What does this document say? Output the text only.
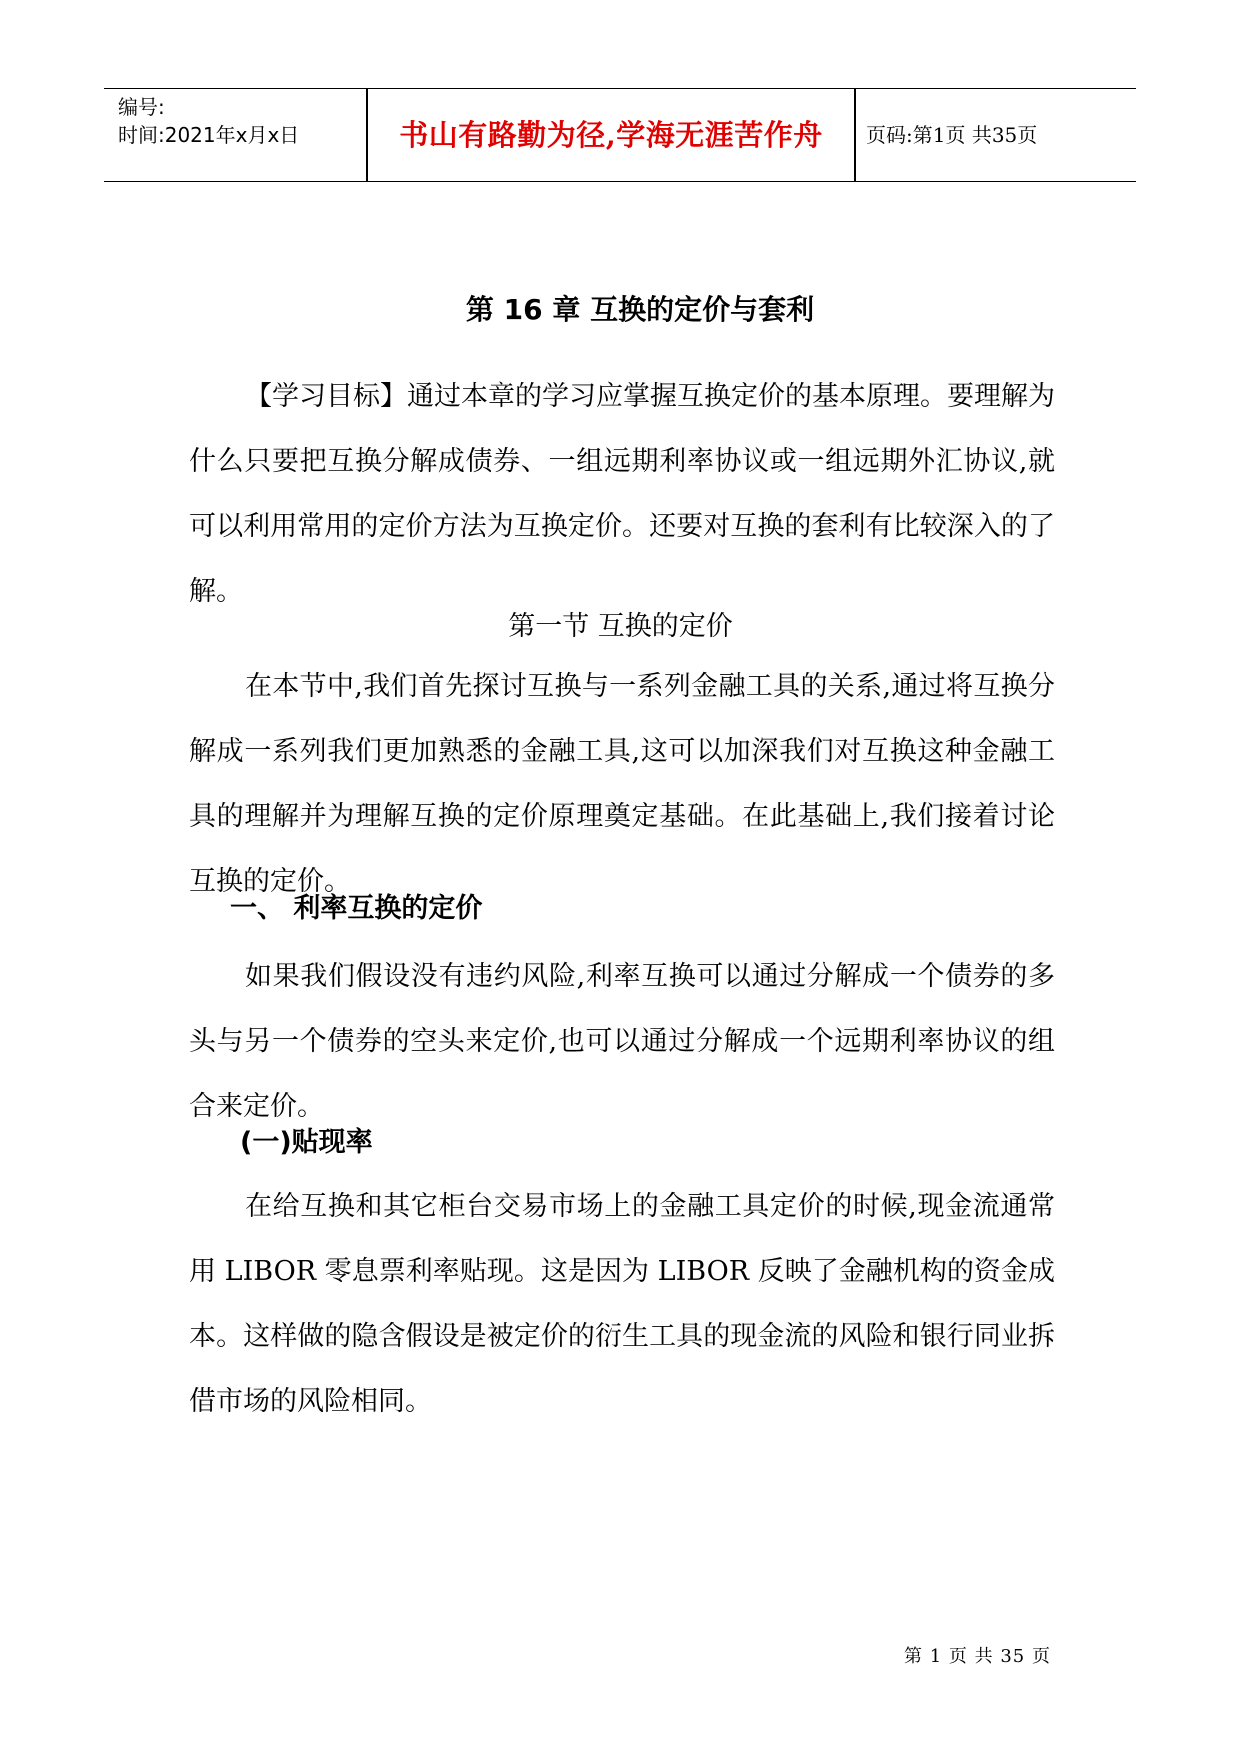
编号:
时间:2021年x月x日	书山有路勤为径,学海无涯苦作舟	页码:第1页 共35页
第 16 章 互换的定价与套利
【学习目标】通过本章的学习应掌握互换定价的基本原理。要理解为什么只要把互换分解成债券、一组远期利率协议或一组远期外汇协议,就可以利用常用的定价方法为互换定价。还要对互换的套利有比较深入的了解。
第一节 互换的定价
在本节中,我们首先探讨互换与一系列金融工具的关系,通过将互换分解成一系列我们更加熟悉的金融工具,这可以加深我们对互换这种金融工具的理解并为理解互换的定价原理奠定基础。在此基础上,我们接着讨论互换的定价。
一、 利率互换的定价
如果我们假设没有违约风险,利率互换可以通过分解成一个债券的多头与另一个债券的空头来定价,也可以通过分解成一个远期利率协议的组合来定价。
(一)贴现率
在给互换和其它柜台交易市场上的金融工具定价的时候,现金流通常用 LIBOR 零息票利率贴现。这是因为 LIBOR 反映了金融机构的资金成本。这样做的隐含假设是被定价的衍生工具的现金流的风险和银行同业拆借市场的风险相同。
第 1 页 共 35 页
